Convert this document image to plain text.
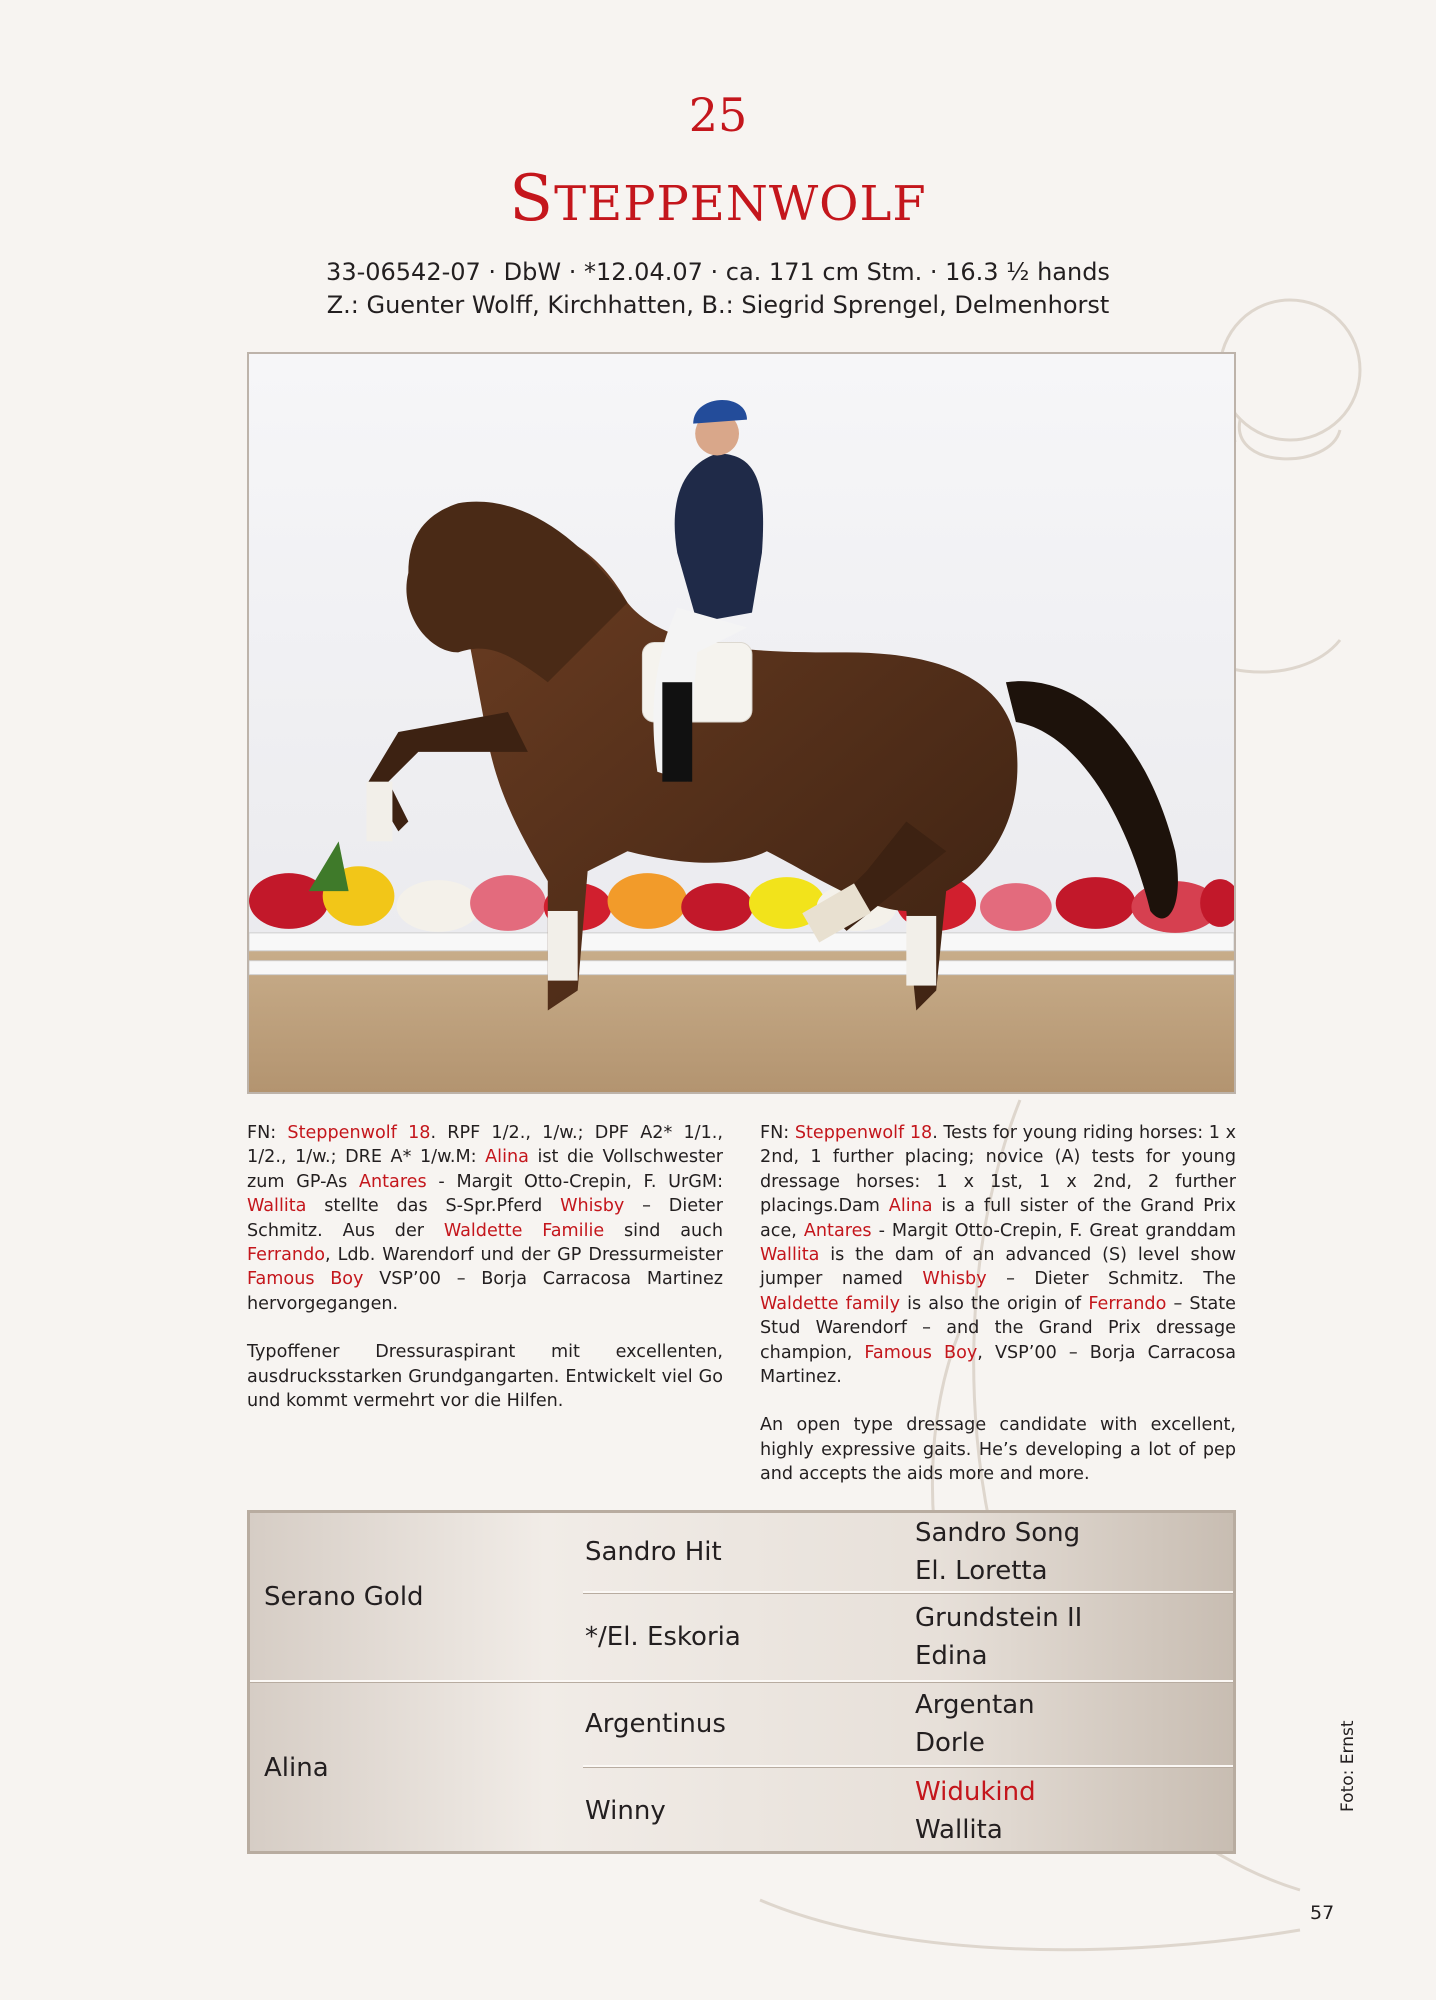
25
STEPPENWOLF
33-06542-07 · DbW · *12.04.07 · ca. 171 cm Stm. · 16.3 ½ hands
Z.: Guenter Wolff, Kirchhatten, B.: Siegrid Sprengel, Delmenhorst

FN: Steppenwolf 18. RPF 1/2., 1/w.; DPF A2* 1/1., 1/2., 1/w.; DRE A* 1/w.M: Alina ist die Vollschwester zum GP-As Antares - Margit Otto-Crepin, F. UrGM: Wallita stellte das S-Spr.Pferd Whisby – Dieter Schmitz. Aus der Waldette Familie sind auch Ferrando, Ldb. Warendorf und der GP Dressurmeister Famous Boy VSP’00 – Borja Carracosa Martinez hervorgegangen.

Typoffener Dressuraspirant mit excellenten, ausdrucksstarken Grundgangarten. Entwickelt viel Go und kommt vermehrt vor die Hilfen.

FN: Steppenwolf 18. Tests for young riding horses: 1 x 2nd, 1 further placing; novice (A) tests for young dressage horses: 1 x 1st, 1 x 2nd, 2 further placings.Dam Alina is a full sister of the Grand Prix ace, Antares - Margit Otto-Crepin, F. Great granddam Wallita is the dam of an advanced (S) level show jumper named Whisby – Dieter Schmitz. The Waldette family is also the origin of Ferrando – State Stud Warendorf – and the Grand Prix dressage champion, Famous Boy, VSP’00 – Borja Carracosa Martinez.

An open type dressage candidate with excellent, highly expressive gaits. He’s developing a lot of pep and accepts the aids more and more.

Serano Gold
Alina
Sandro Hit
*/El. Eskoria
Argentinus
Winny
Sandro Song
El. Loretta
Grundstein II
Edina
Argentan
Dorle
Widukind
Wallita
Foto: Ernst
57
